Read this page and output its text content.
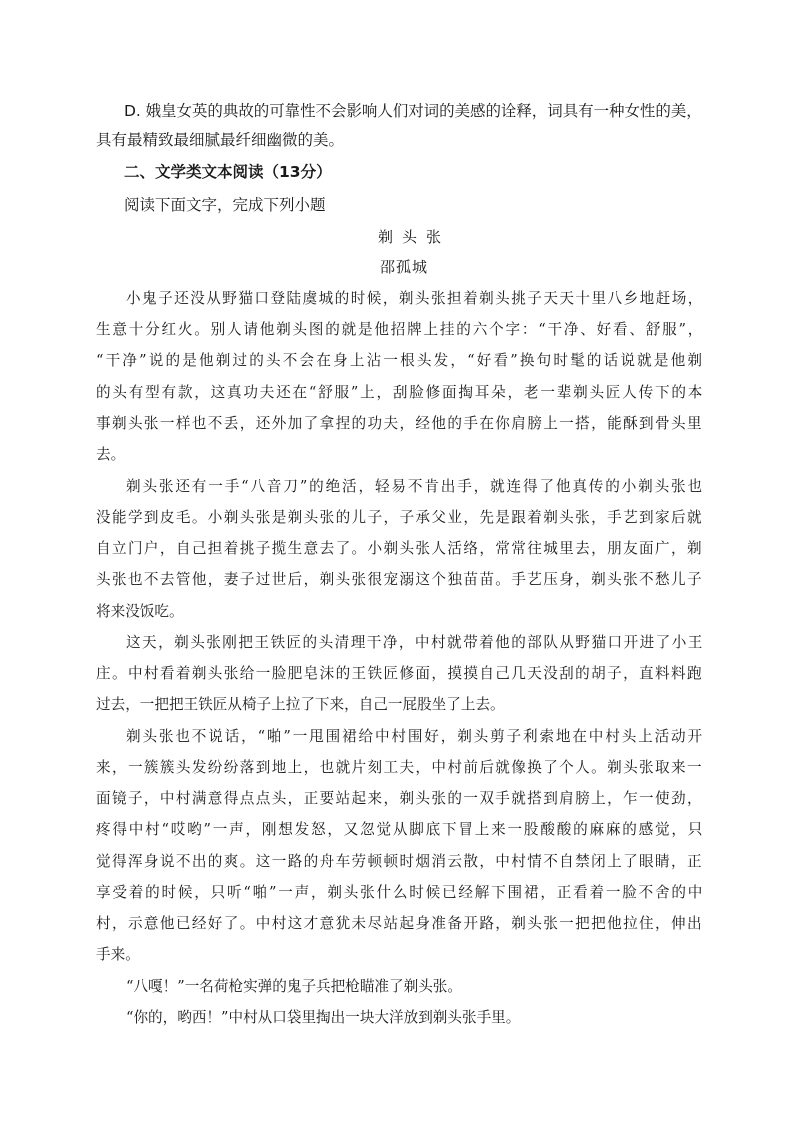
D. 娥皇女英的典故的可靠性不会影响人们对词的美感的诠释，词具有一种女性的美，
具有最精致最细腻最纤细幽微的美。
二、文学类文本阅读（13分）
阅读下面文字，完成下列小题
剃头张
邵孤城
小鬼子还没从野猫口登陆虞城的时候，剃头张担着剃头挑子天天十里八乡地赶场，
生意十分红火。别人请他剃头图的就是他招牌上挂的六个字：“干净、好看、舒服”，
“干净”说的是他剃过的头不会在身上沾一根头发，“好看”换句时髦的话说就是他剃
的头有型有款，这真功夫还在“舒服”上，刮脸修面掏耳朵，老一辈剃头匠人传下的本
事剃头张一样也不丢，还外加了拿捏的功夫，经他的手在你肩膀上一搭，能酥到骨头里
去。
剃头张还有一手“八音刀”的绝活，轻易不肯出手，就连得了他真传的小剃头张也
没能学到皮毛。小剃头张是剃头张的儿子，子承父业，先是跟着剃头张，手艺到家后就
自立门户，自己担着挑子揽生意去了。小剃头张人活络，常常往城里去，朋友面广，剃
头张也不去管他，妻子过世后，剃头张很宠溺这个独苗苗。手艺压身，剃头张不愁儿子
将来没饭吃。
这天，剃头张刚把王铁匠的头清理干净，中村就带着他的部队从野猫口开进了小王
庄。中村看着剃头张给一脸肥皂沫的王铁匠修面，摸摸自己几天没刮的胡子，直料料跑
过去，一把把王铁匠从椅子上拉了下来，自己一屁股坐了上去。
剃头张也不说话，“啪”一甩围裙给中村围好，剃头剪子利索地在中村头上活动开
来，一簇簇头发纷纷落到地上，也就片刻工夫，中村前后就像换了个人。剃头张取来一
面镜子，中村满意得点点头，正要站起来，剃头张的一双手就搭到肩膀上，乍一使劲，
疼得中村“哎哟”一声，刚想发怒，又忽觉从脚底下冒上来一股酸酸的麻麻的感觉，只
觉得浑身说不出的爽。这一路的舟车劳顿顿时烟消云散，中村情不自禁闭上了眼睛，正
享受着的时候，只听“啪”一声，剃头张什么时候已经解下围裙，正看着一脸不舍的中
村，示意他已经好了。中村这才意犹未尽站起身准备开路，剃头张一把把他拉住，伸出
手来。
“八嘎！”一名荷枪实弹的鬼子兵把枪瞄准了剃头张。
“你的，哟西！”中村从口袋里掏出一块大洋放到剃头张手里。
